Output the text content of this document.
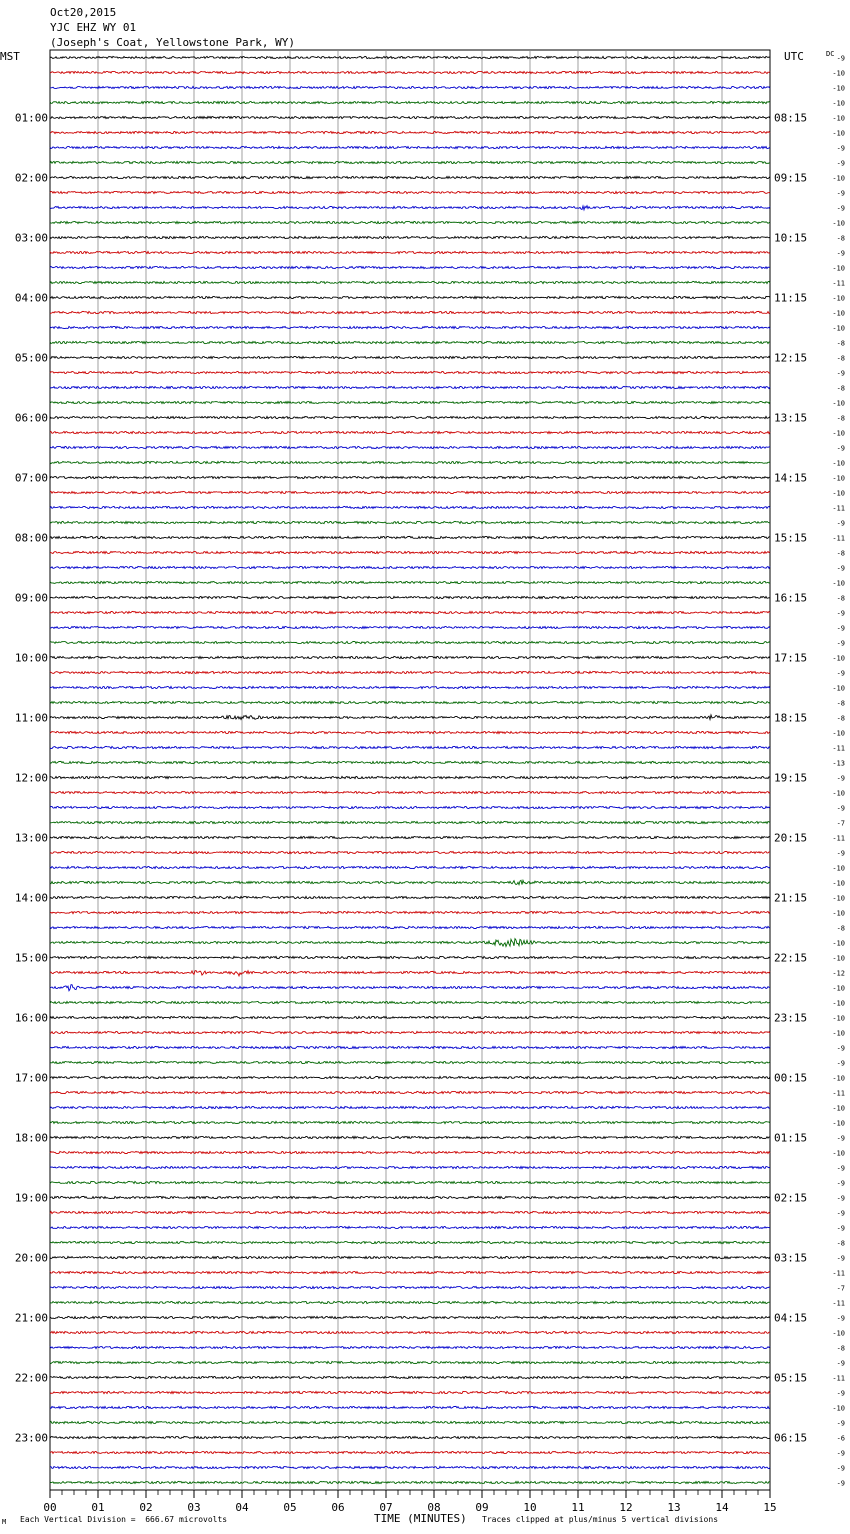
Oct20,2015
YJC EHZ WY 01
(Joseph's Coat, Yellowstone Park, WY)
-9
-10
-10
-10
-10
-10
-9
-9
-10
-9
-9
-10
-8
-9
-10
-11
-10
-10
-10
-8
-8
-9
-8
-10
-8
-10
-9
-10
-10
-10
-11
-9
-11
-8
-9
-10
-8
-9
-9
-9
-10
-9
-10
-8
-8
-10
-11
-13
-9
-10
-9
-7
-11
-9
-10
-10
-10
-10
-8
-10
-10
-12
-10
-10
-10
-10
-9
-9
-10
-11
-10
-10
-9
-10
-9
-9
-9
-9
-9
-8
-9
-11
-7
-11
-9
-10
-8
-9
-11
-9
-10
-9
-6
-9
-9
-9
01:00	08:15
02:00	09:15
03:00	10:15
04:00	11:15
05:00	12:15
06:00	13:15
07:00	14:15
08:00	15:15
09:00	16:15
10:00	17:15
11:00	18:15
12:00	19:15
13:00	20:15
14:00	21:15
15:00	22:15
16:00	23:15
17:00	00:15
18:00	01:15
19:00	02:15
20:00	03:15
21:00	04:15
22:00	05:15
23:00	06:15
00	01	02	03	04	05	06	07	08	09	10	11	12	13	14	15
MST	UTC	DC
M Each Vertical Division =  666.67 microvolts	TIME (MINUTES) Traces clipped at plus/minus 5 vertical divisions
